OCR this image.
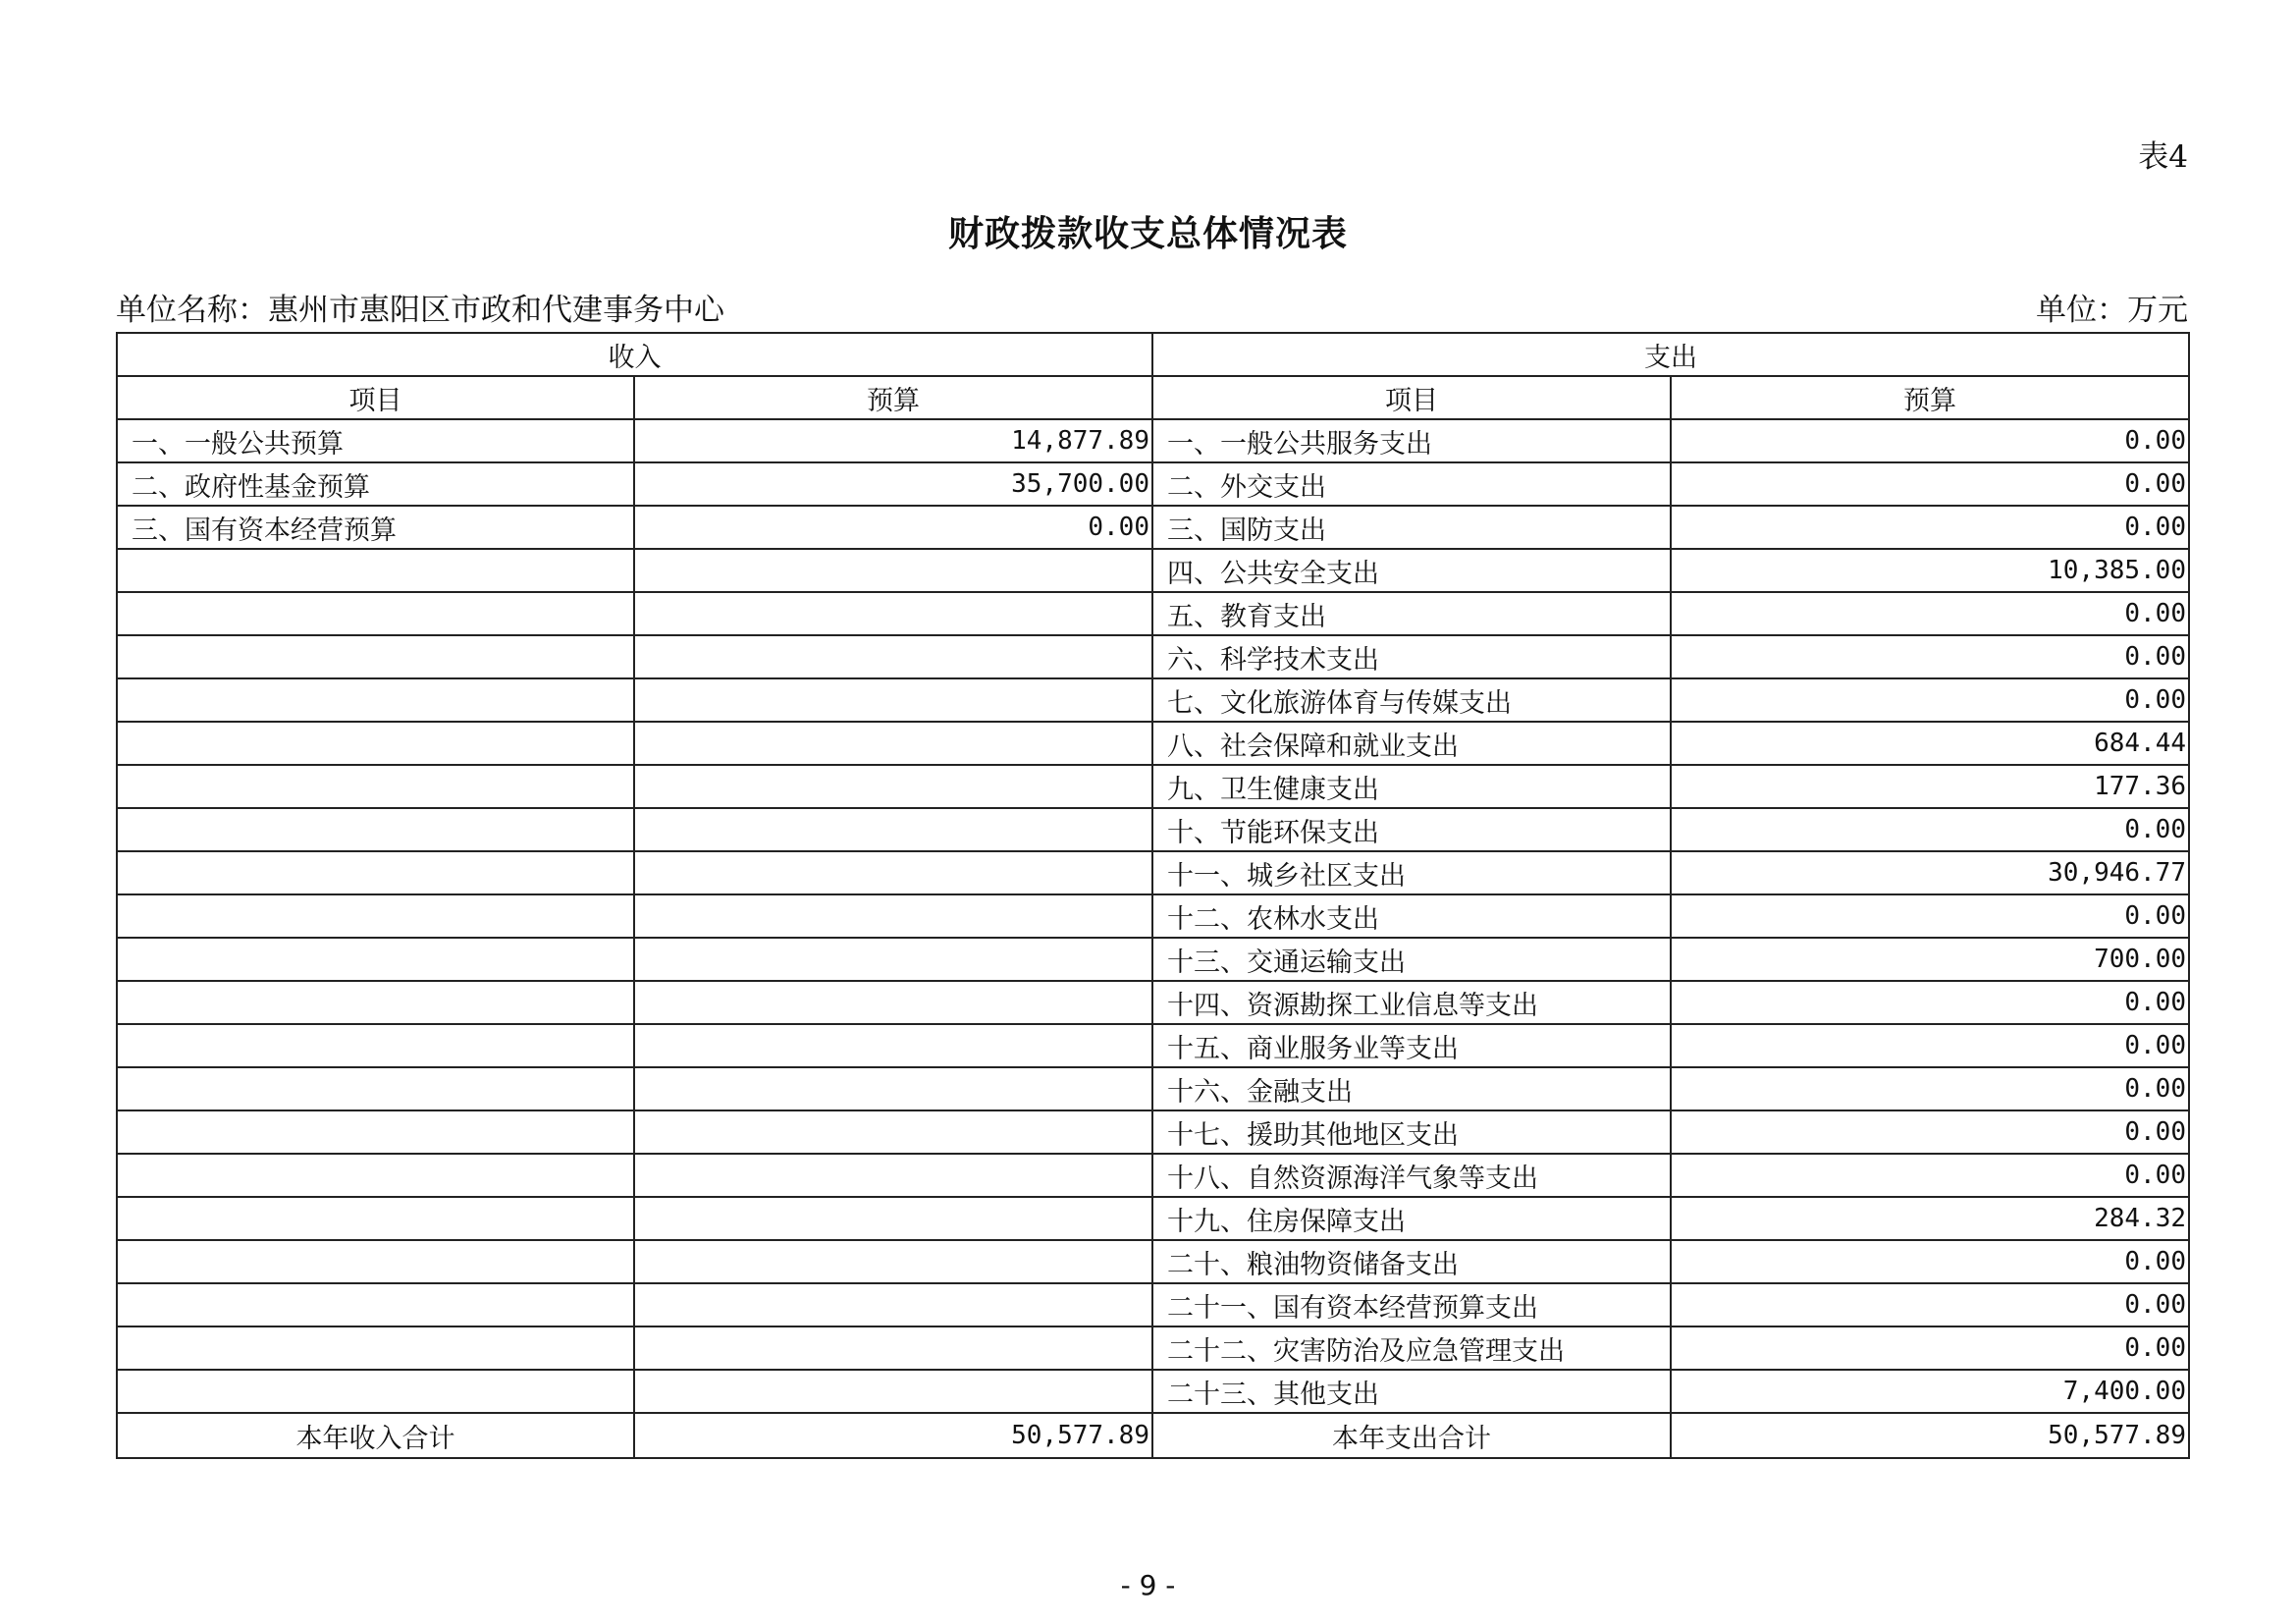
表4
财政拨款收支总体情况表
单位名称：惠州市惠阳区市政和代建事务中心	单位：万元
收入		支出	
项目	预算	项目	预算
一、一般公共预算	14,877.89	一、一般公共服务支出	0.00
二、政府性基金预算	35,700.00	二、外交支出	0.00
三、国有资本经营预算	0.00	三、国防支出	0.00
		四、公共安全支出	10,385.00
		五、教育支出	0.00
		六、科学技术支出	0.00
		七、文化旅游体育与传媒支出	0.00
		八、社会保障和就业支出	684.44
		九、卫生健康支出	177.36
		十、节能环保支出	0.00
		十一、城乡社区支出	30,946.77
		十二、农林水支出	0.00
		十三、交通运输支出	700.00
		十四、资源勘探工业信息等支出	0.00
		十五、商业服务业等支出	0.00
		十六、金融支出	0.00
		十七、援助其他地区支出	0.00
		十八、自然资源海洋气象等支出	0.00
		十九、住房保障支出	284.32
		二十、粮油物资储备支出	0.00
		二十一、国有资本经营预算支出	0.00
		二十二、灾害防治及应急管理支出	0.00
		二十三、其他支出	7,400.00
本年收入合计	50,577.89	本年支出合计	50,577.89
- 9 -
